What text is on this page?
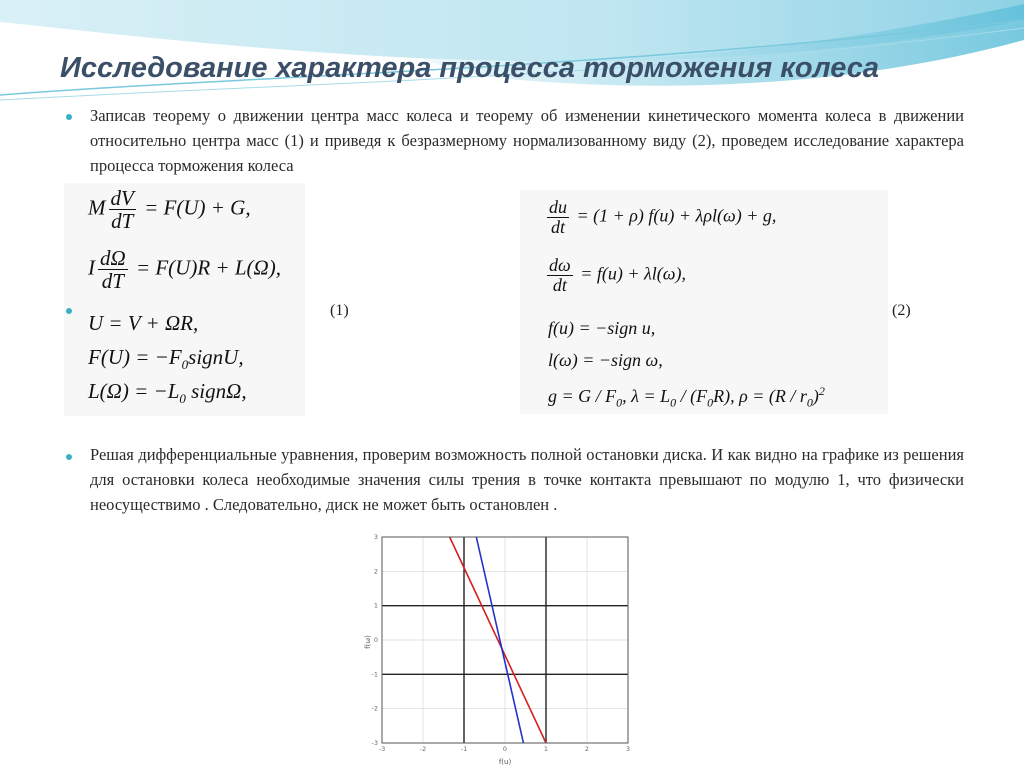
Исследование характера процесса торможения колеса

Записав теорему о движении центра масс колеса и теорему об изменении кинетического момента колеса в движении относительно центра масс (1) и приведя к безразмерному нормализованному виду (2), проведем исследование характера процесса торможения колеса

M $\frac{dV}{dT} = F(U) + G$,
I $\frac{d\Omega}{dT} = F(U)R + L(\Omega)$,
U = V + ΩR,
$F(U) = -F_0signU$,
$L(\Omega) = -L_0$ signΩ,
(1)
$\frac{du}{dt} = (1 + \rho) f(u) + \lambda\rho l(\omega) + g$,
$\frac{d\omega}{dt} = f(u) + \lambda l(\omega)$,
f(u) = −sign u,
l(ω) = −sign ω,
$g = G / F_0$, $\lambda = L_0 / (F_0R)$, $\rho = (R / r_0)^2$
(2)

Решая дифференциальные уравнения, проверим возможность полной остановки диска. И как видно на графике из решения для остановки колеса необходимые значения силы трения в точке контакта превышают по модулю 1, что физически неосуществимо . Следовательно, диск не может быть остановлен .

-3	-2	-1	0	1	2	3
3
2
1
0
-1
-2
-3
f(ω)
f(u)
